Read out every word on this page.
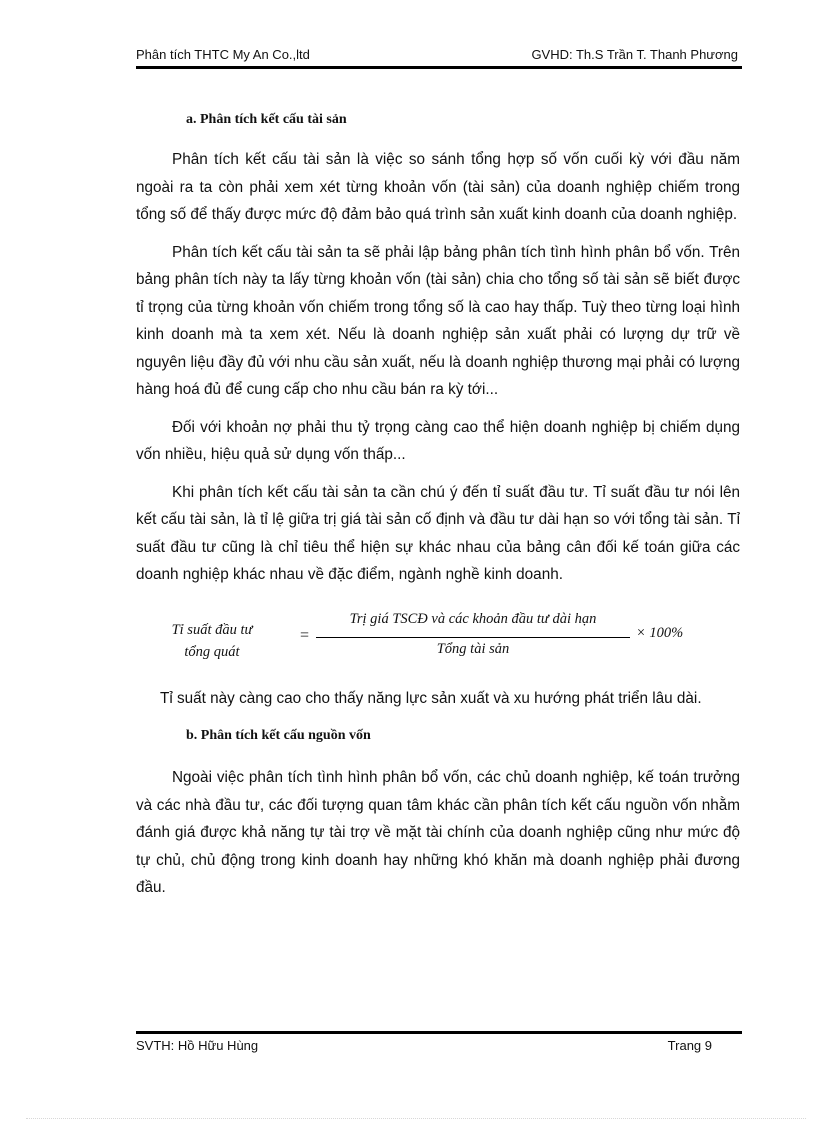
Phân tích THTC My An Co.,ltd	GVHD: Th.S Trần T. Thanh Phương
a. Phân tích kết cấu tài sản

Phân tích kết cấu tài sản là việc so sánh tổng hợp số vốn cuối kỳ với đầu năm ngoài ra ta còn phải xem xét từng khoản vốn (tài sản) của doanh nghiệp chiếm trong tổng số để thấy được mức độ đảm bảo quá trình sản xuất kinh doanh của doanh nghiệp.

Phân tích kết cấu tài sản ta sẽ phải lập bảng phân tích tình hình phân bổ vốn. Trên bảng phân tích này ta lấy từng khoản vốn (tài sản) chia cho tổng số tài sản sẽ biết được tỉ trọng của từng khoản vốn chiếm trong tổng số là cao hay thấp. Tuỳ theo từng loại hình kinh doanh mà ta xem xét. Nếu là doanh nghiệp sản xuất phải có lượng dự trữ về nguyên liệu đầy đủ với nhu cầu sản xuất, nếu là doanh nghiệp thương mại phải có lượng hàng hoá đủ để cung cấp cho nhu cầu bán ra kỳ tới...

Đối với khoản nợ phải thu tỷ trọng càng cao thể hiện doanh nghiệp bị chiếm dụng vốn nhiều, hiệu quả sử dụng vốn thấp...

Khi phân tích kết cấu tài sản ta cần chú ý đến tỉ suất đầu tư. Tỉ suất đầu tư nói lên kết cấu tài sản, là tỉ lệ giữa trị giá tài sản cố định và đầu tư dài hạn so với tổng tài sản. Tỉ suất đầu tư cũng là chỉ tiêu thể hiện sự khác nhau của bảng cân đối kế toán giữa các doanh nghiệp khác nhau về đặc điểm, ngành nghề kinh doanh.

Tỉ suất đầu tư
tổng quát
=
Trị giá TSCĐ và các khoản đầu tư dài hạn
Tổng tài sản
× 100%

Tỉ suất này càng cao cho thấy năng lực sản xuất và xu hướng phát triển lâu dài.

b. Phân tích kết cấu nguồn vốn

Ngoài việc phân tích tình hình phân bổ vốn, các chủ doanh nghiệp, kế toán trưởng và các nhà đầu tư, các đối tượng quan tâm khác cần phân tích kết cấu nguồn vốn nhằm đánh giá được khả năng tự tài trợ về mặt tài chính của doanh nghiệp cũng như mức độ tự chủ, chủ động trong kinh doanh hay những khó khăn mà doanh nghiệp phải đương đầu.

SVTH: Hồ Hữu Hùng	Trang 9
